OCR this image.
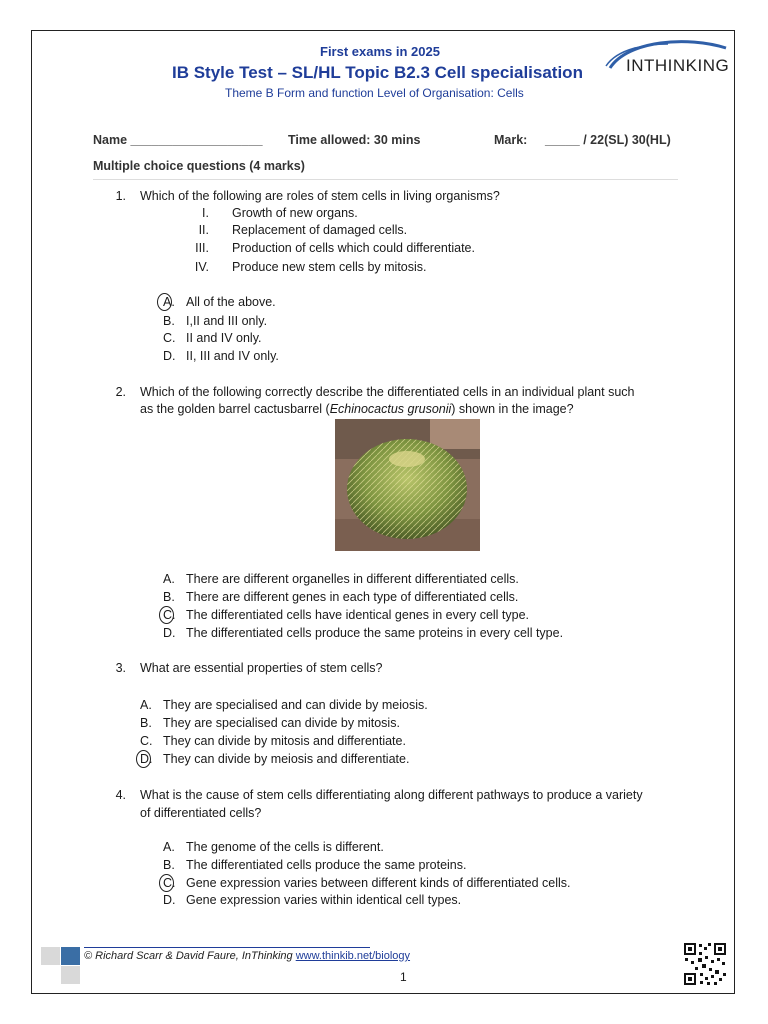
First exams in 2025
IB Style Test – SL/HL Topic B2.3 Cell specialisation
Theme B Form and function Level of Organisation: Cells
INTHINKING
Name ___________________ Time allowed: 30 mins	Mark: _____ / 22(SL) 30(HL)
Multiple choice questions (4 marks)
1. Which of the following are roles of stem cells in living organisms?
I. Growth of new organs.
II. Replacement of damaged cells.
III. Production of cells which could differentiate.
IV. Produce new stem cells by mitosis.
A. All of the above.
B. I,II and III only.
C. II and IV only.
D. II, III and IV only.
2. Which of the following correctly describe the differentiated cells in an individual plant such
as the golden barrel cactusbarrel (Echinocactus grusonii) shown in the image?
A. There are different organelles in different differentiated cells.
B. There are different genes in each type of differentiated cells.
C. The differentiated cells have identical genes in every cell type.
D. The differentiated cells produce the same proteins in every cell type.
3. What are essential properties of stem cells?
A. They are specialised and can divide by meiosis.
B. They are specialised can divide by mitosis.
C. They can divide by mitosis and differentiate.
D. They can divide by meiosis and differentiate.
4. What is the cause of stem cells differentiating along different pathways to produce a variety
of differentiated cells?
A. The genome of the cells is different.
B. The differentiated cells produce the same proteins.
C. Gene expression varies between different kinds of differentiated cells.
D. Gene expression varies within identical cell types.
© Richard Scarr & David Faure, InThinking www.thinkib.net/biology
1
